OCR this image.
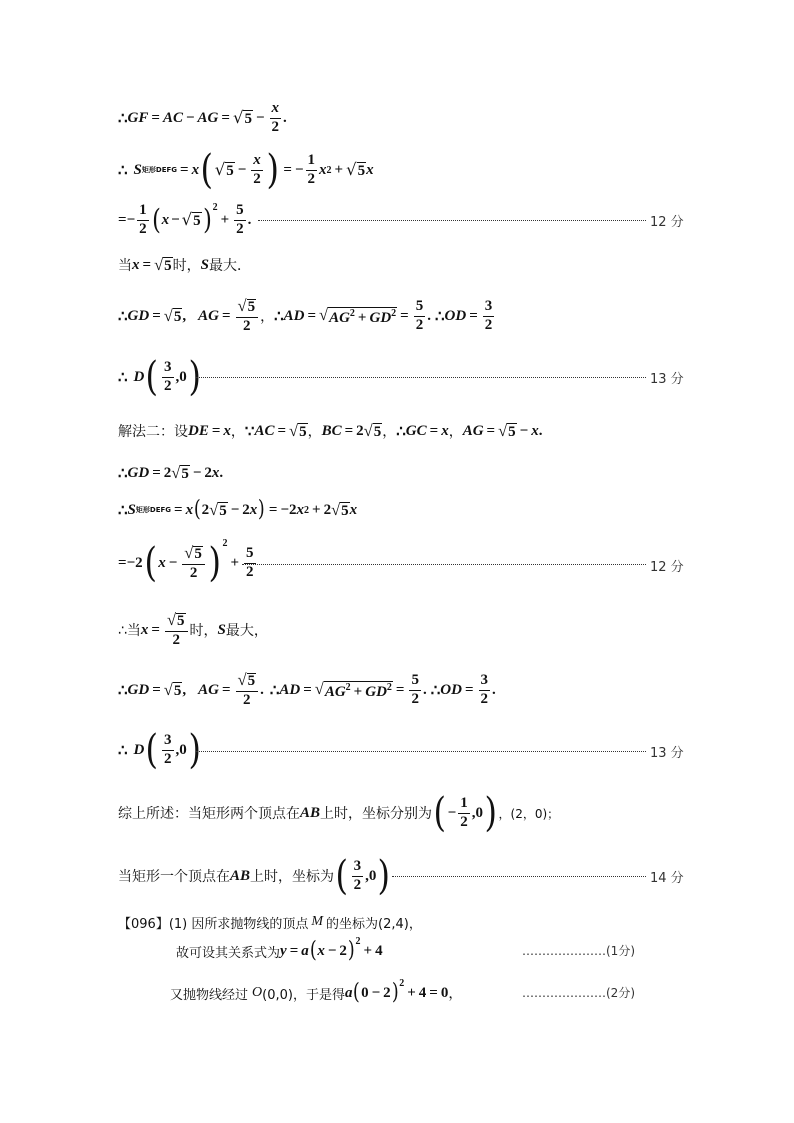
∴ GF = AC − AG = √ $5 - \frac{x}{2}$ .
∴ S 矩形DEFG = x ( √ $5 - \frac{x}{2}$ ) = − $\frac{1}{2}$ x 2 + √ 5 x
= − $\frac{1}{2}$ ( x − √ 5 )$^2$
+ $\frac{5}{2}$ .	12 分
当 x = √ 5 时， S 最大．
∴ GD = √ 5 , AG = $\frac{√ 5}{2}$ ， ∴ AD = √ $AG^2 + GD^2 = \frac{5}{2}$ . ∴ OD = $\frac{3}{2}$
∴ D ( $\frac{3}{2}$ , 0 )	13 分
解法二：设 DE = x ， ∵ AC = √ 5 ， BC = 2 √ 5 ， ∴ GC = x ， AG = √ 5 − x .
∴ GD = 2 √ 5 − 2 x .
∴ S 矩形DEFG = x ( 2 √ 5 − 2 x ) = − 2 x 2 + 2 √ 5 x
= − 2 ( $x - \frac{√ 5}{2} )^2$
+ $\frac{5}{2}$	12 分
∴当 $x = \frac{√ 5}{2}$ 时， S 最大，
∴ GD = √ 5 , AG = $\frac{√ 5}{2}$ . ∴ AD = √ $AG^2 + GD^2 = \frac{5}{2}$ . ∴ OD = $\frac{3}{2}$ .
∴ D ( $\frac{3}{2}$ , 0 )	13 分
综上所述：当矩形两个顶点在 AB 上时，坐标分别为 ( − $\frac{1}{2}$ , 0 ) ，(2，0)；
当矩形一个顶点在 AB 上时，坐标为 ( $\frac{3}{2}$ , 0 )	14 分
【096】(1) 因所求抛物线的顶点 M 的坐标为(2,4)，
故可设其关系式为 y = a ( x − 2 )$^2$
+ 4	…………………(1分)
又抛物线经过 O (0,0)，于是得 a ( 0 − 2 )$^2$
+ 4 = 0 ，	…………………(2分)
